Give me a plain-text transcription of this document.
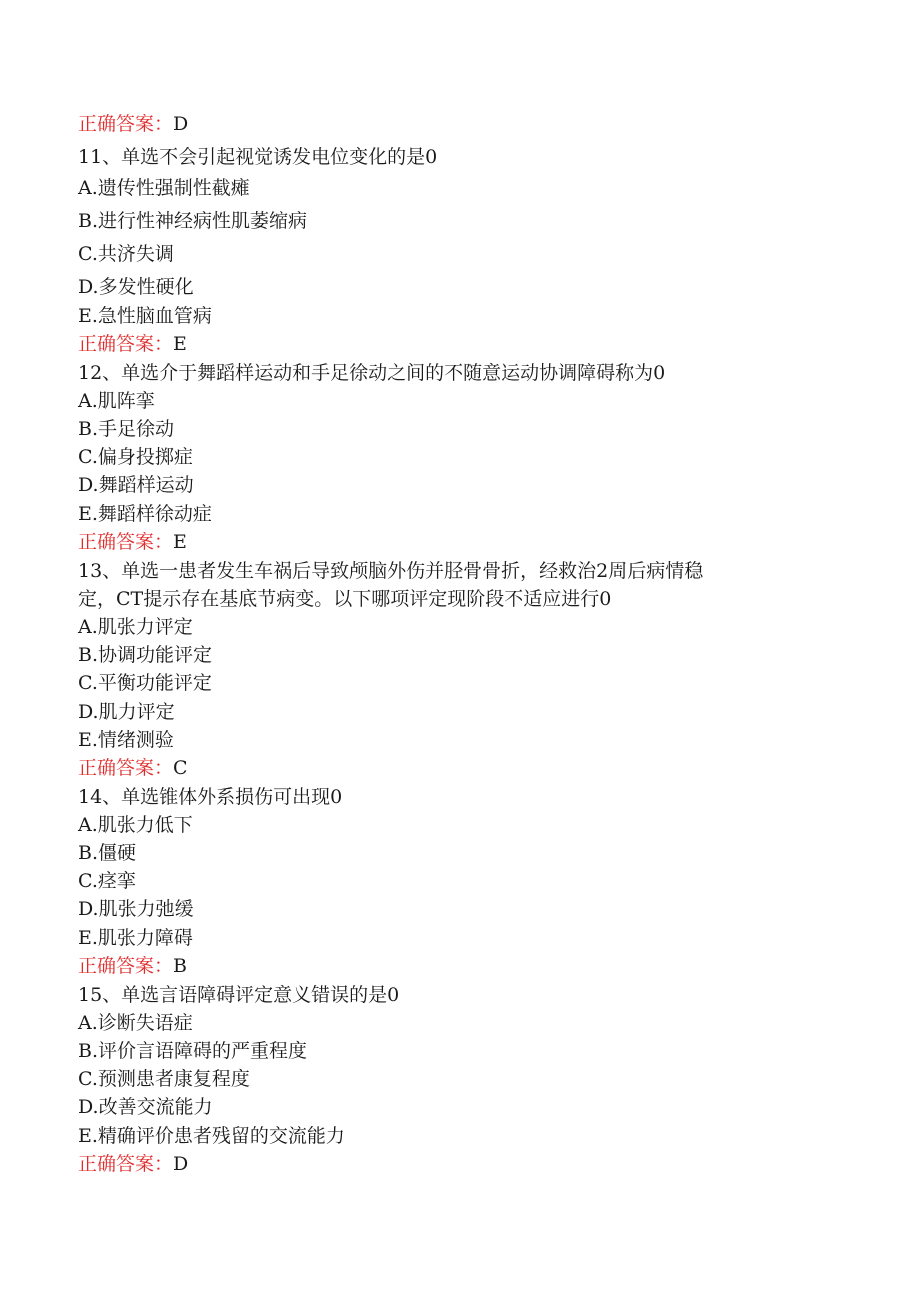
正确答案：D
11、单选不会引起视觉诱发电位变化的是0
A.遗传性强制性截瘫
B.进行性神经病性肌萎缩病
C.共济失调
D.多发性硬化
E.急性脑血管病
正确答案：E
12、单选介于舞蹈样运动和手足徐动之间的不随意运动协调障碍称为0
A.肌阵挛
B.手足徐动
C.偏身投掷症
D.舞蹈样运动
E.舞蹈样徐动症
正确答案：E
13、单选一患者发生车祸后导致颅脑外伤并胫骨骨折，经救治2周后病情稳
定，CT提示存在基底节病变。以下哪项评定现阶段不适应进行0
A.肌张力评定
B.协调功能评定
C.平衡功能评定
D.肌力评定
E.情绪测验
正确答案：C
14、单选锥体外系损伤可出现0
A.肌张力低下
B.僵硬
C.痉挛
D.肌张力弛缓
E.肌张力障碍
正确答案：B
15、单选言语障碍评定意义错误的是0
A.诊断失语症
B.评价言语障碍的严重程度
C.预测患者康复程度
D.改善交流能力
E.精确评价患者残留的交流能力
正确答案：D
